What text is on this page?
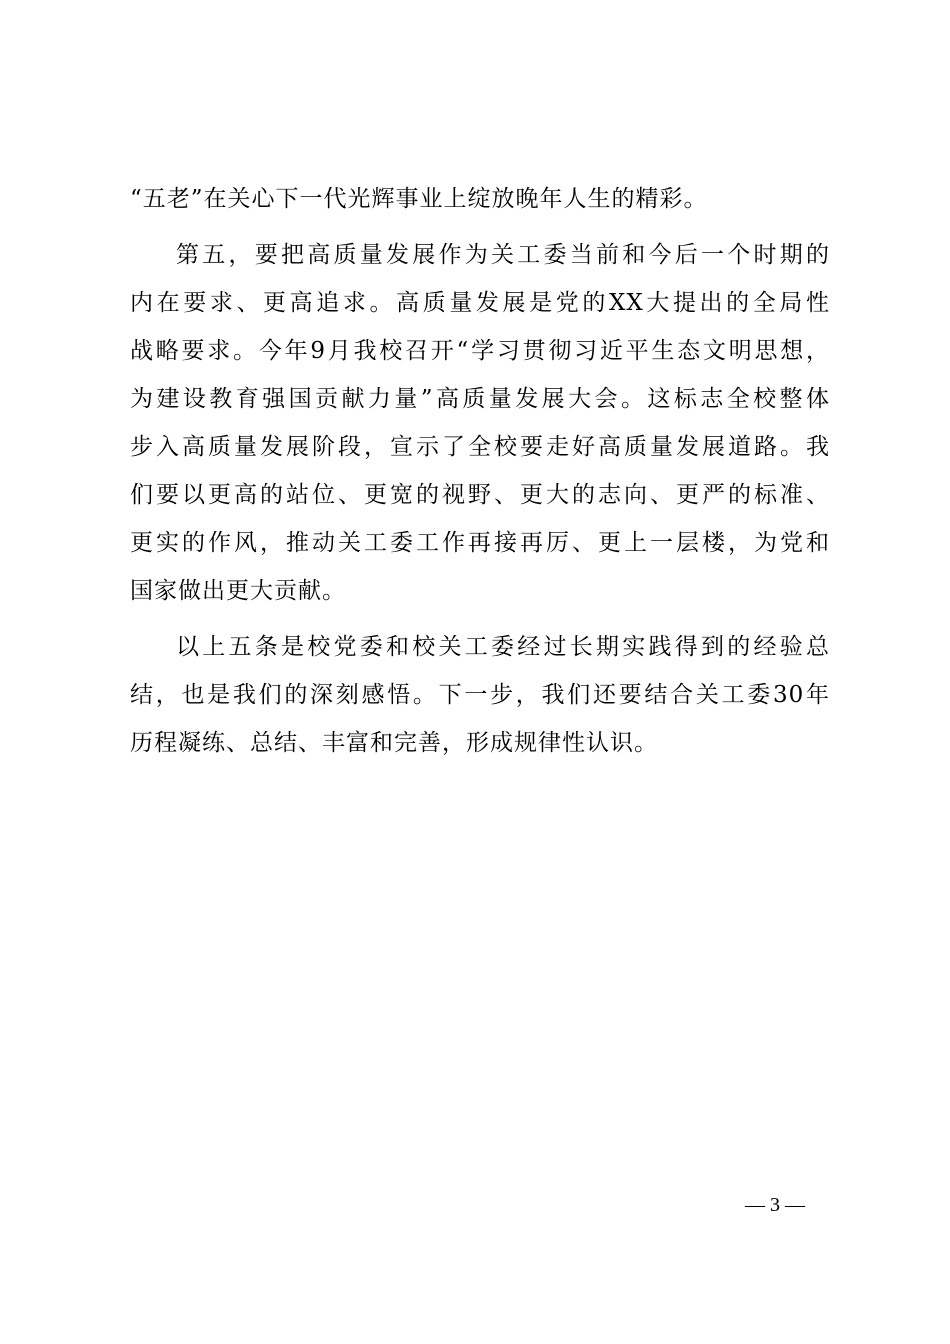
“五老”在关心下一代光辉事业上绽放晚年人生的精彩。
第五，要把高质量发展作为关工委当前和今后一个时期的
内在要求、更高追求。高质量发展是党的XX大提出的全局性
战略要求。今年9月我校召开“学习贯彻习近平生态文明思想，
为建设教育强国贡献力量”高质量发展大会。这标志全校整体
步入高质量发展阶段，宣示了全校要走好高质量发展道路。我
们要以更高的站位、更宽的视野、更大的志向、更严的标准、
更实的作风，推动关工委工作再接再厉、更上一层楼，为党和
国家做出更大贡献。
以上五条是校党委和校关工委经过长期实践得到的经验总
结，也是我们的深刻感悟。下一步，我们还要结合关工委30年
历程凝练、总结、丰富和完善，形成规律性认识。
— 3 —
